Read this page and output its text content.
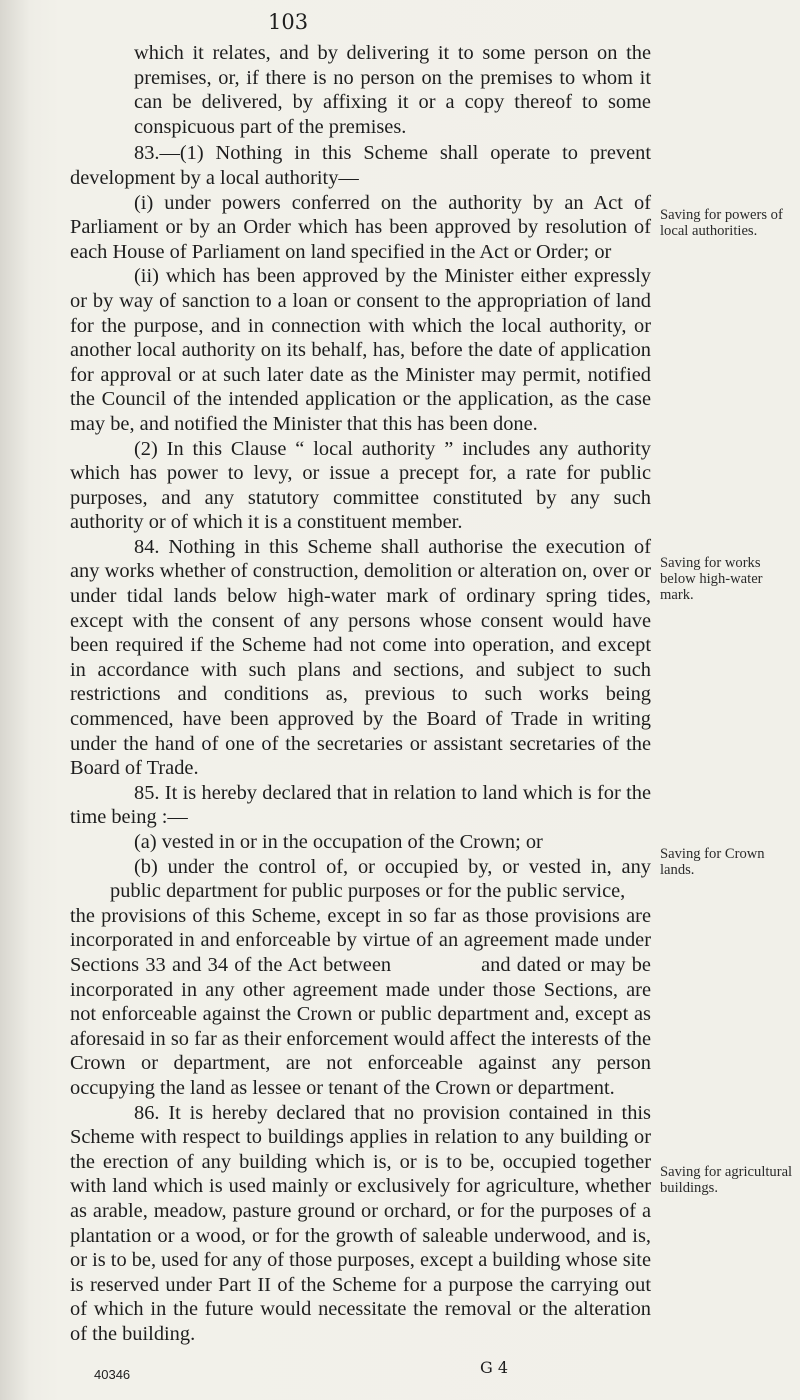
103

which it relates, and by delivering it to some person on the premises, or, if there is no person on the premises to whom it can be delivered, by affixing it or a copy thereof to some conspicuous part of the premises.

83.—(1) Nothing in this Scheme shall operate to prevent development by a local authority—

(i) under powers conferred on the authority by an Act of Parliament or by an Order which has been approved by resolution of each House of Parliament on land specified in the Act or Order; or

(ii) which has been approved by the Minister either expressly or by way of sanction to a loan or consent to the appropriation of land for the purpose, and in connection with which the local authority, or another local authority on its behalf, has, before the date of application for approval or at such later date as the Minister may permit, notified the Council of the intended application or the application, as the case may be, and notified the Minister that this has been done.

(2) In this Clause “ local authority ” includes any authority which has power to levy, or issue a precept for, a rate for public purposes, and any statutory committee constituted by any such authority or of which it is a constituent member.

84. Nothing in this Scheme shall authorise the execution of any works whether of construction, demolition or alteration on, over or under tidal lands below high-water mark of ordinary spring tides, except with the consent of any persons whose consent would have been required if the Scheme had not come into operation, and except in accordance with such plans and sections, and subject to such restrictions and conditions as, previous to such works being commenced, have been approved by the Board of Trade in writing under the hand of one of the secretaries or assistant secretaries of the Board of Trade.

85. It is hereby declared that in relation to land which is for the time being :—

(a) vested in or in the occupation of the Crown; or

(b) under the control of, or occupied by, or vested in, any public department for public purposes or for the public service,

the provisions of this Scheme, except in so far as those provisions are incorporated in and enforceable by virtue of an agreement made under Sections 33 and 34 of the Act between	and dated or may be incorporated in any other agreement made under those Sections, are not enforceable against the Crown or public department and, except as aforesaid in so far as their enforcement would affect the interests of the Crown or department, are not enforceable against any person occupying the land as lessee or tenant of the Crown or department.

86. It is hereby declared that no provision contained in this Scheme with respect to buildings applies in relation to any building or the erection of any building which is, or is to be, occupied together with land which is used mainly or exclusively for agriculture, whether as arable, meadow, pasture ground or orchard, or for the purposes of a plantation or a wood, or for the growth of saleable underwood, and is, or is to be, used for any of those purposes, except a building whose site is reserved under Part II of the Scheme for a purpose the carrying out of which in the future would necessitate the removal or the alteration of the building.

Saving for powers of local authorities.
Saving for works below high-water mark.
Saving for Crown lands.
Saving for agricultural buildings.
40346	G 4
